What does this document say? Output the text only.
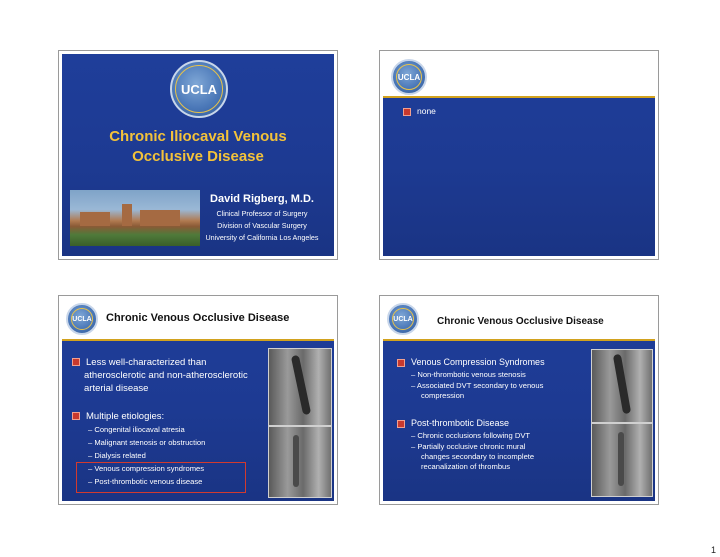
UCLA
Chronic Iliocaval Venous
Occlusive Disease
David Rigberg, M.D.
Clinical Professor of Surgery
Division of Vascular Surgery
University of California Los Angeles
UCLA
none
UCLA Chronic Venous Occlusive Disease
Less well-characterized than
atherosclerotic and non-atherosclerotic
arterial disease
Multiple etiologies:
– Congenital iliocaval atresia
– Malignant stenosis or obstruction
– Dialysis related
– Venous compression syndromes
– Post-thrombotic venous disease
UCLA Chronic Venous Occlusive Disease
Venous Compression Syndromes
– Non-thrombotic venous stenosis
– Associated DVT secondary to venous
compression
Post-thrombotic Disease
– Chronic occlusions following DVT
– Partially occlusive chronic mural
changes secondary to incomplete
recanalization of thrombus
1
